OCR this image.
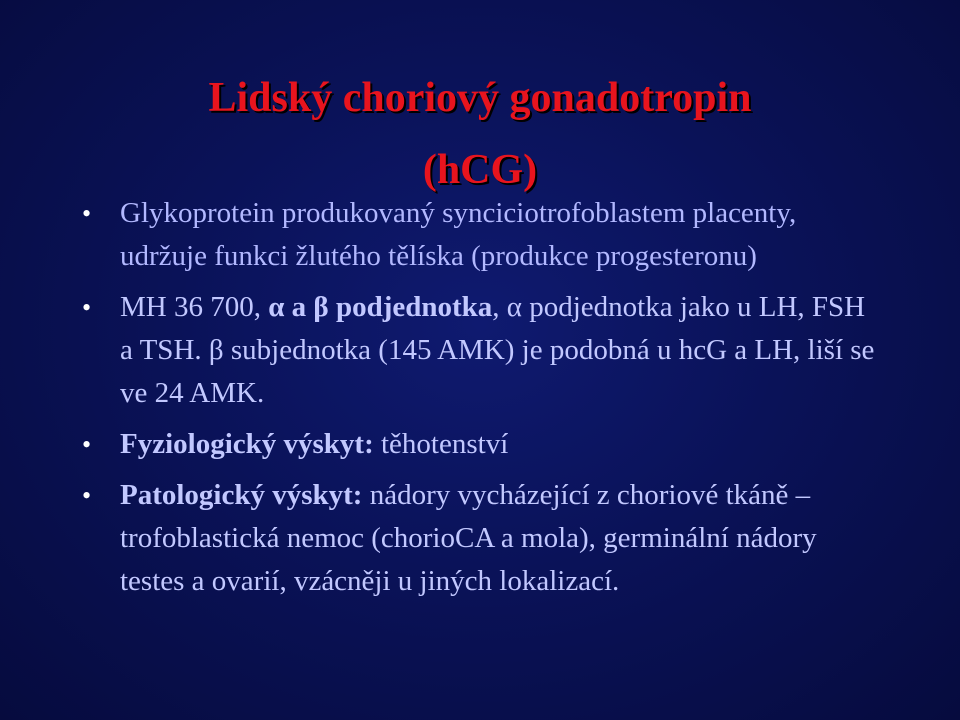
Lidský choriový gonadotropin
(hCG)
• Glykoprotein produkovaný synciciotrofoblastem placenty, udržuje funkci žlutého tělíska (produkce progesteronu)
• MH 36 700, α a β podjednotka, α podjednotka jako u LH, FSH a TSH. β subjednotka (145 AMK) je podobná u hcG a LH, liší se ve 24 AMK.
• Fyziologický výskyt: těhotenství
• Patologický výskyt: nádory vycházející z choriové tkáně – trofoblastická nemoc (chorioCA a mola), germinální nádory testes a ovarií, vzácněji u jiných lokalizací.
